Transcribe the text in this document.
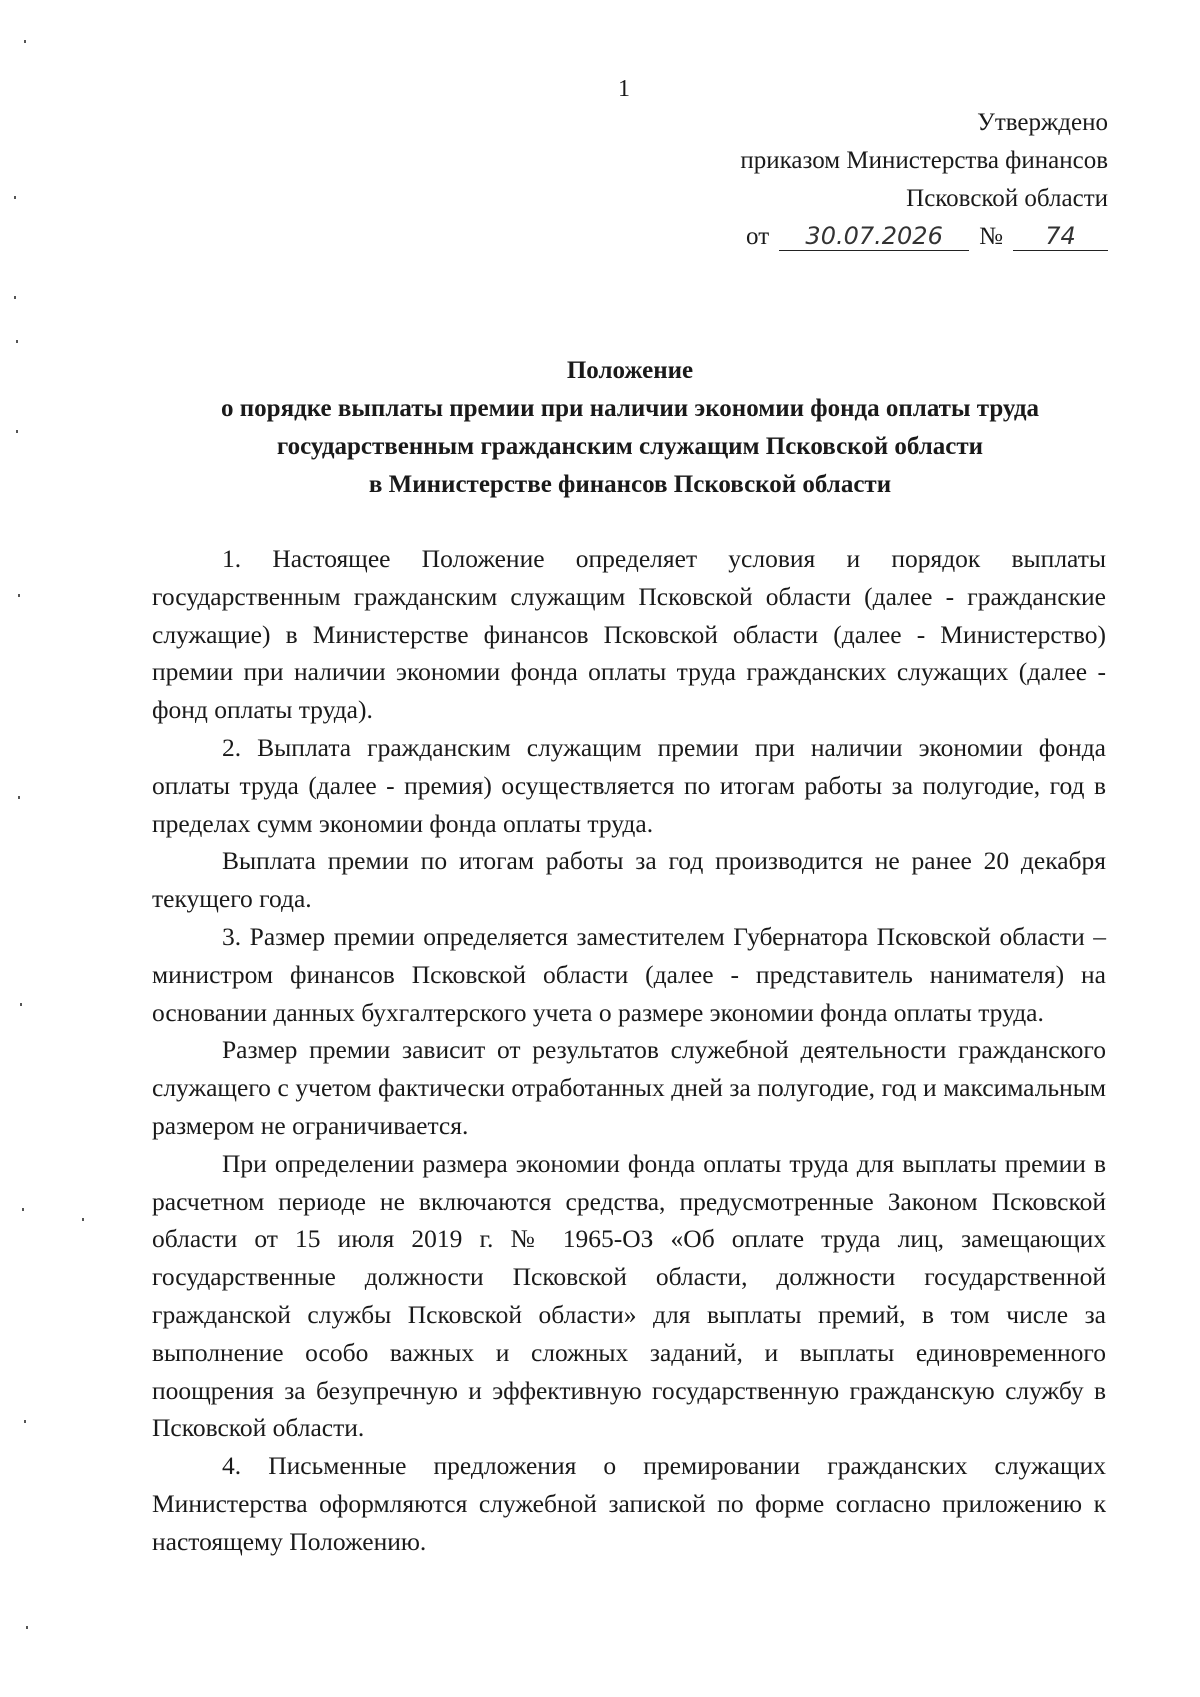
1
Утверждено
приказом Министерства финансов
Псковской области
от	30.07.2026	№	74
Положение
о порядке выплаты премии при наличии экономии фонда оплаты труда
государственным гражданским служащим Псковской области
в Министерстве финансов Псковской области

1. Настоящее Положение определяет условия и порядок выплаты государственным гражданским служащим Псковской области (далее - гражданские служащие) в Министерстве финансов Псковской области (далее - Министерство) премии при наличии экономии фонда оплаты труда гражданских служащих (далее - фонд оплаты труда).

2. Выплата гражданским служащим премии при наличии экономии фонда оплаты труда (далее - премия) осуществляется по итогам работы за полугодие, год в пределах сумм экономии фонда оплаты труда.

Выплата премии по итогам работы за год производится не ранее 20 декабря текущего года.

3. Размер премии определяется заместителем Губернатора Псковской области – министром финансов Псковской области (далее - представитель нанимателя) на основании данных бухгалтерского учета о размере экономии фонда оплаты труда.

Размер премии зависит от результатов служебной деятельности гражданского служащего с учетом фактически отработанных дней за полугодие, год и максимальным размером не ограничивается.

При определении размера экономии фонда оплаты труда для выплаты премии в расчетном периоде не включаются средства, предусмотренные Законом Псковской области от 15 июля 2019 г. № 1965-ОЗ «Об оплате труда лиц, замещающих государственные должности Псковской области, должности государственной гражданской службы Псковской области» для выплаты премий, в том числе за выполнение особо важных и сложных заданий, и выплаты единовременного поощрения за безупречную и эффективную государственную гражданскую службу в Псковской области.

4. Письменные предложения о премировании гражданских служащих Министерства оформляются служебной запиской по форме согласно приложению к настоящему Положению.
